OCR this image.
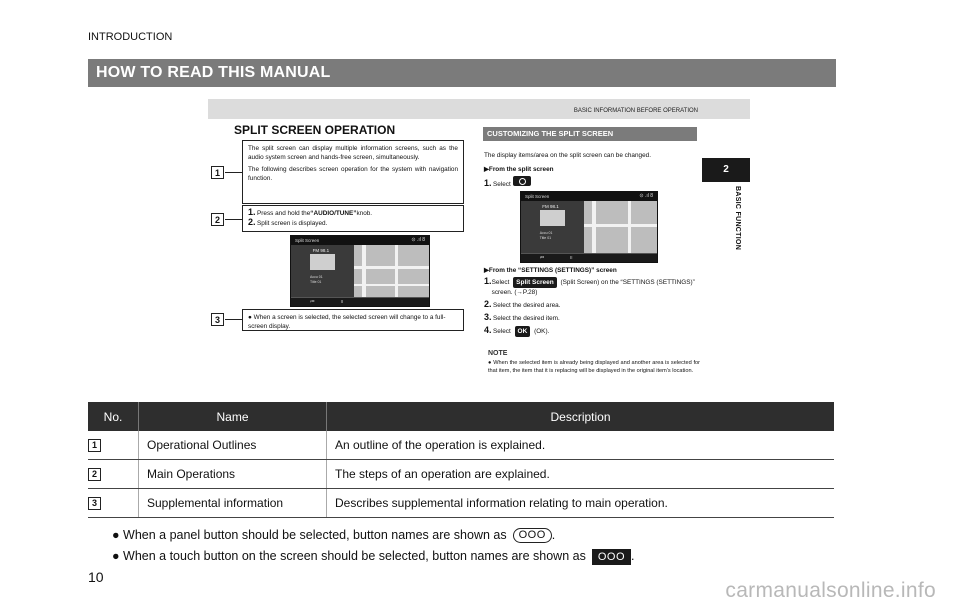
INTRODUCTION
HOW TO READ THIS MANUAL
BASIC INFORMATION BEFORE OPERATION
SPLIT SCREEN OPERATION
1
2
3

The split screen can display multiple information screens, such as the audio system screen and hands-free screen, simultaneously.

The following describes screen operation for the system with navigation function.

1. Press and hold the “AUDIO/TUNE” knob.
2. Split screen is displayed.
Split Screen	⊙ .ıl 8
FM 98.1
Accu 01
Title 01
⏮	II

● When a screen is selected, the selected screen will change to a full-screen display.

CUSTOMIZING THE SPLIT SCREEN
The display items/area on the split screen can be changed.
▶From the split screen
1. Select
Split Screen	⊙ .ıl 8
FM 98.1
Accu 01
Title 01
⏮	II
▶From the “SETTINGS (SETTINGS)” screen
1. Select Split Screen (Split Screen) on the “SETTINGS (SETTINGS)” screen. (→P.28)
2. Select the desired area.
3. Select the desired item.
4. Select OK (OK).
NOTE
● When the selected item is already being displayed and another area is selected for that item, the item that it is replacing will be displayed in the original item’s location.
2
BASIC FUNCTION
No.	Name	Description
1	Operational Outlines	An outline of the operation is explained.
2	Main Operations	The steps of an operation are explained.
3	Supplemental information	Describes supplemental information relating to main operation.
● When a panel button should be selected, button names are shown as	OOO .
● When a touch button on the screen should be selected, button names are shown as	OOO .
10
carmanualsonline.info
